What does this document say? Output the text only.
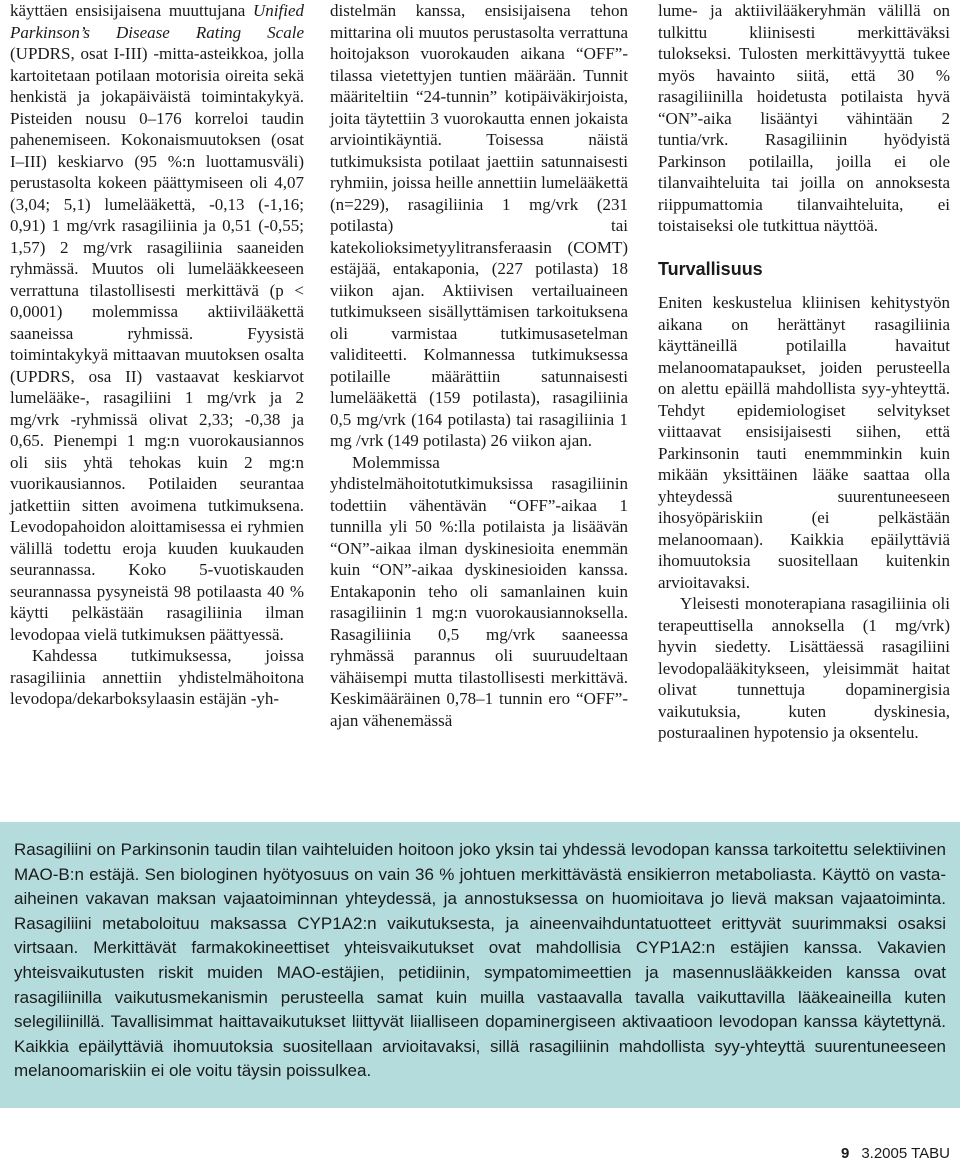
käyttäen ensisijaisena muuttujana Unified Parkinson’s Disease Rating Scale (UPDRS, osat I-III) -mitta-asteikkoa, jolla kartoitetaan potilaan motorisia oireita sekä henkistä ja jokapäiväistä toimintakykyä. Pisteiden nousu 0–176 korreloi taudin pahenemiseen. Kokonaismuutoksen (osat I–III) keskiarvo (95 %:n luottamusväli) perustasolta kokeen päättymiseen oli 4,07 (3,04; 5,1) lumelääkettä, -0,13 (-1,16; 0,91) 1 mg/vrk rasagiliinia ja 0,51 (-0,55; 1,57) 2 mg/vrk rasagiliinia saaneiden ryhmässä. Muutos oli lumelääkkeeseen verrattuna tilastollisesti merkittävä (p < 0,0001) molemmissa aktiivilääkettä saaneissa ryhmissä. Fyysistä toimintakykyä mittaavan muutoksen osalta (UPDRS, osa II) vastaavat keskiarvot lumelääke-, rasagiliini 1 mg/vrk ja 2 mg/vrk -ryhmissä olivat 2,33; -0,38 ja 0,65. Pienempi 1 mg:n vuorokausiannos oli siis yhtä tehokas kuin 2 mg:n vuorikausiannos. Potilaiden seurantaa jatkettiin sitten avoimena tutkimuksena. Levodopahoidon aloittamisessa ei ryhmien välillä todettu eroja kuuden kuukauden seurannassa. Koko 5-vuotiskauden seurannassa pysyneistä 98 potilaasta 40 % käytti pelkästään rasagiliinia ilman levodopaa vielä tutkimuksen päättyessä.

Kahdessa tutkimuksessa, joissa rasagiliinia annettiin yhdistelmähoitona levodopa/dekarboksylaasin estäjän -yh-

distelmän kanssa, ensisijaisena tehon mittarina oli muutos perustasolta verrattuna hoitojakson vuorokauden aikana “OFF”-tilassa vietettyjen tuntien määrään. Tunnit määriteltiin “24-tunnin” kotipäiväkirjoista, joita täytettiin 3 vuorokautta ennen jokaista arviointikäyntiä. Toisessa näistä tutkimuksista potilaat jaettiin satunnaisesti ryhmiin, joissa heille annettiin lumelääkettä (n=229), rasagiliinia 1 mg/vrk (231 potilasta) tai katekolioksimetyylitransferaasin (COMT) estäjää, entakaponia, (227 potilasta) 18 viikon ajan. Aktiivisen vertailuaineen tutkimukseen sisällyttämisen tarkoituksena oli varmistaa tutkimusasetelman validiteetti. Kolmannessa tutkimuksessa potilaille määrättiin satunnaisesti lumelääkettä (159 potilasta), rasagiliinia 0,5 mg/vrk (164 potilasta) tai rasagiliinia 1 mg /vrk (149 potilasta) 26 viikon ajan.

Molemmissa yhdistelmähoitotutkimuksissa rasagiliinin todettiin vähentävän “OFF”-aikaa 1 tunnilla yli 50 %:lla potilaista ja lisäävän “ON”-aikaa ilman dyskinesioita enemmän kuin “ON”-aikaa dyskinesioiden kanssa. Entakaponin teho oli samanlainen kuin rasagiliinin 1 mg:n vuorokausiannoksella. Rasagiliinia 0,5 mg/vrk saaneessa ryhmässä parannus oli suuruudeltaan vähäisempi mutta tilastollisesti merkittävä. Keskimääräinen 0,78–1 tunnin ero “OFF”-ajan vähenemässä

lume- ja aktiivilääkeryhmän välillä on tulkittu kliinisesti merkittäväksi tulokseksi. Tulosten merkittävyyttä tukee myös havainto siitä, että 30 % rasagiliinilla hoidetusta potilaista hyvä “ON”-aika lisääntyi vähintään 2 tuntia/vrk. Rasagiliinin hyödyistä Parkinson potilailla, joilla ei ole tilanvaihteluita tai joilla on annoksesta riippumattomia tilanvaihteluita, ei toistaiseksi ole tutkittua näyttöä.

Turvallisuus

Eniten keskustelua kliinisen kehitystyön aikana on herättänyt rasagiliinia käyttäneillä potilailla havaitut melanoomatapaukset, joiden perusteella on alettu epäillä mahdollista syy-yhteyttä. Tehdyt epidemiologiset selvitykset viittaavat ensisijaisesti siihen, että Parkinsonin tauti enemmminkin kuin mikään yksittäinen lääke saattaa olla yhteydessä suurentuneeseen ihosyöpäriskiin (ei pelkästään melanoomaan). Kaikkia epäilyttäviä ihomuutoksia suositellaan kuitenkin arvioitavaksi.

Yleisesti monoterapiana rasagiliinia oli terapeuttisella annoksella (1 mg/vrk) hyvin siedetty. Lisättäessä rasagiliini levodopalääkitykseen, yleisimmät haitat olivat tunnettuja dopaminergisia vaikutuksia, kuten dyskinesia, posturaalinen hypotensio ja oksentelu.

Rasagiliini on Parkinsonin taudin tilan vaihteluiden hoitoon joko yksin tai yhdessä levodopan kanssa tarkoitettu selektiivinen MAO-B:n estäjä. Sen biologinen hyötyosuus on vain 36 % johtuen merkittävästä ensikierron metaboliasta. Käyttö on vasta-aiheinen vakavan maksan vajaatoiminnan yhteydessä, ja annostuksessa on huomioitava jo lievä maksan vajaatoiminta. Rasagiliini metaboloituu maksassa CYP1A2:n vaikutuksesta, ja aineenvaihduntatuotteet erittyvät suurimmaksi osaksi virtsaan. Merkittävät farmakokineettiset yhteisvaikutukset ovat mahdollisia CYP1A2:n estäjien kanssa. Vakavien yhteisvaikutusten riskit muiden MAO-estäjien, petidiinin, sympatomimeettien ja masennuslääkkeiden kanssa ovat rasagiliinilla vaikutusmekanismin perusteella samat kuin muilla vastaavalla tavalla vaikuttavilla lääkeaineilla kuten selegiliinillä. Tavallisimmat haittavaikutukset liittyvät liialliseen dopaminergiseen aktivaatioon levodopan kanssa käytettynä. Kaikkia epäilyttäviä ihomuutoksia suositellaan arvioitavaksi, sillä rasagiliinin mahdollista syy-yhteyttä suurentuneeseen melanoomariskiin ei ole voitu täysin poissulkea.

9 3.2005 TABU
